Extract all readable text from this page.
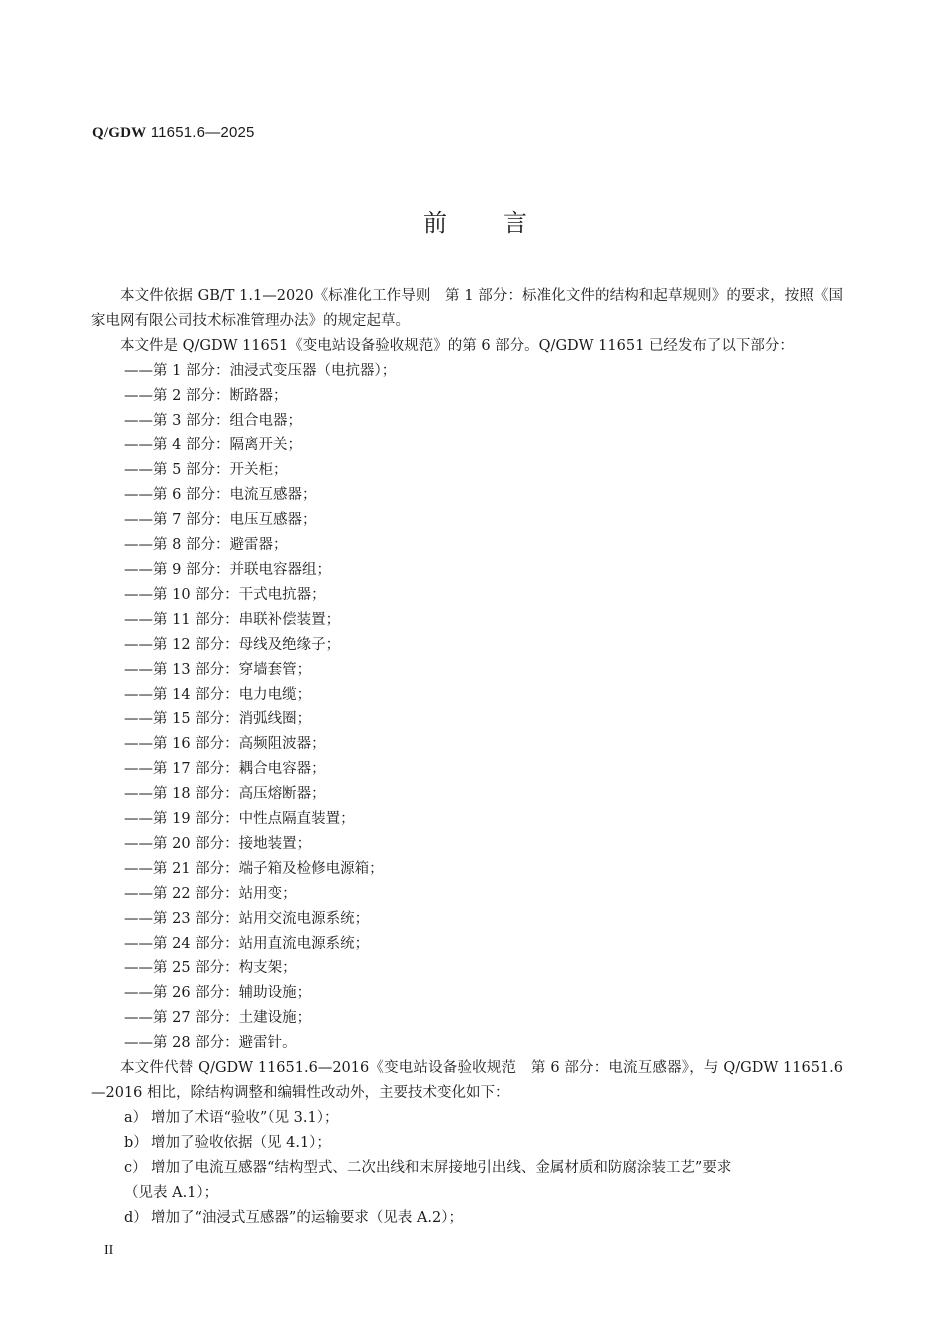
Q/GDW 11651.6—2025
前 言

本文件依据 GB/T 1.1—2020《标准化工作导则　第 1 部分：标准化文件的结构和起草规则》的要求，按照《国家电网有限公司技术标准管理办法》的规定起草。

本文件是 Q/GDW 11651《变电站设备验收规范》的第 6 部分。Q/GDW 11651 已经发布了以下部分：

——第 1 部分：油浸式变压器（电抗器）；

——第 2 部分：断路器；

——第 3 部分：组合电器；

——第 4 部分：隔离开关；

——第 5 部分：开关柜；

——第 6 部分：电流互感器；

——第 7 部分：电压互感器；

——第 8 部分：避雷器；

——第 9 部分：并联电容器组；

——第 10 部分：干式电抗器；

——第 11 部分：串联补偿装置；

——第 12 部分：母线及绝缘子；

——第 13 部分：穿墙套管；

——第 14 部分：电力电缆；

——第 15 部分：消弧线圈；

——第 16 部分：高频阻波器；

——第 17 部分：耦合电容器；

——第 18 部分：高压熔断器；

——第 19 部分：中性点隔直装置；

——第 20 部分：接地装置；

——第 21 部分：端子箱及检修电源箱；

——第 22 部分：站用变；

——第 23 部分：站用交流电源系统；

——第 24 部分：站用直流电源系统；

——第 25 部分：构支架；

——第 26 部分：辅助设施；

——第 27 部分：土建设施；

——第 28 部分：避雷针。

本文件代替 Q/GDW 11651.6—2016《变电站设备验收规范　第 6 部分：电流互感器》，与 Q/GDW 11651.6—2016 相比，除结构调整和编辑性改动外，主要技术变化如下：

a） 增加了术语“验收”（见 3.1）；

b） 增加了验收依据（见 4.1）；

c） 增加了电流互感器“结构型式、二次出线和末屏接地引出线、金属材质和防腐涂装工艺”要求

（见表 A.1）；

d） 增加了“油浸式互感器”的运输要求（见表 A.2）；

II
